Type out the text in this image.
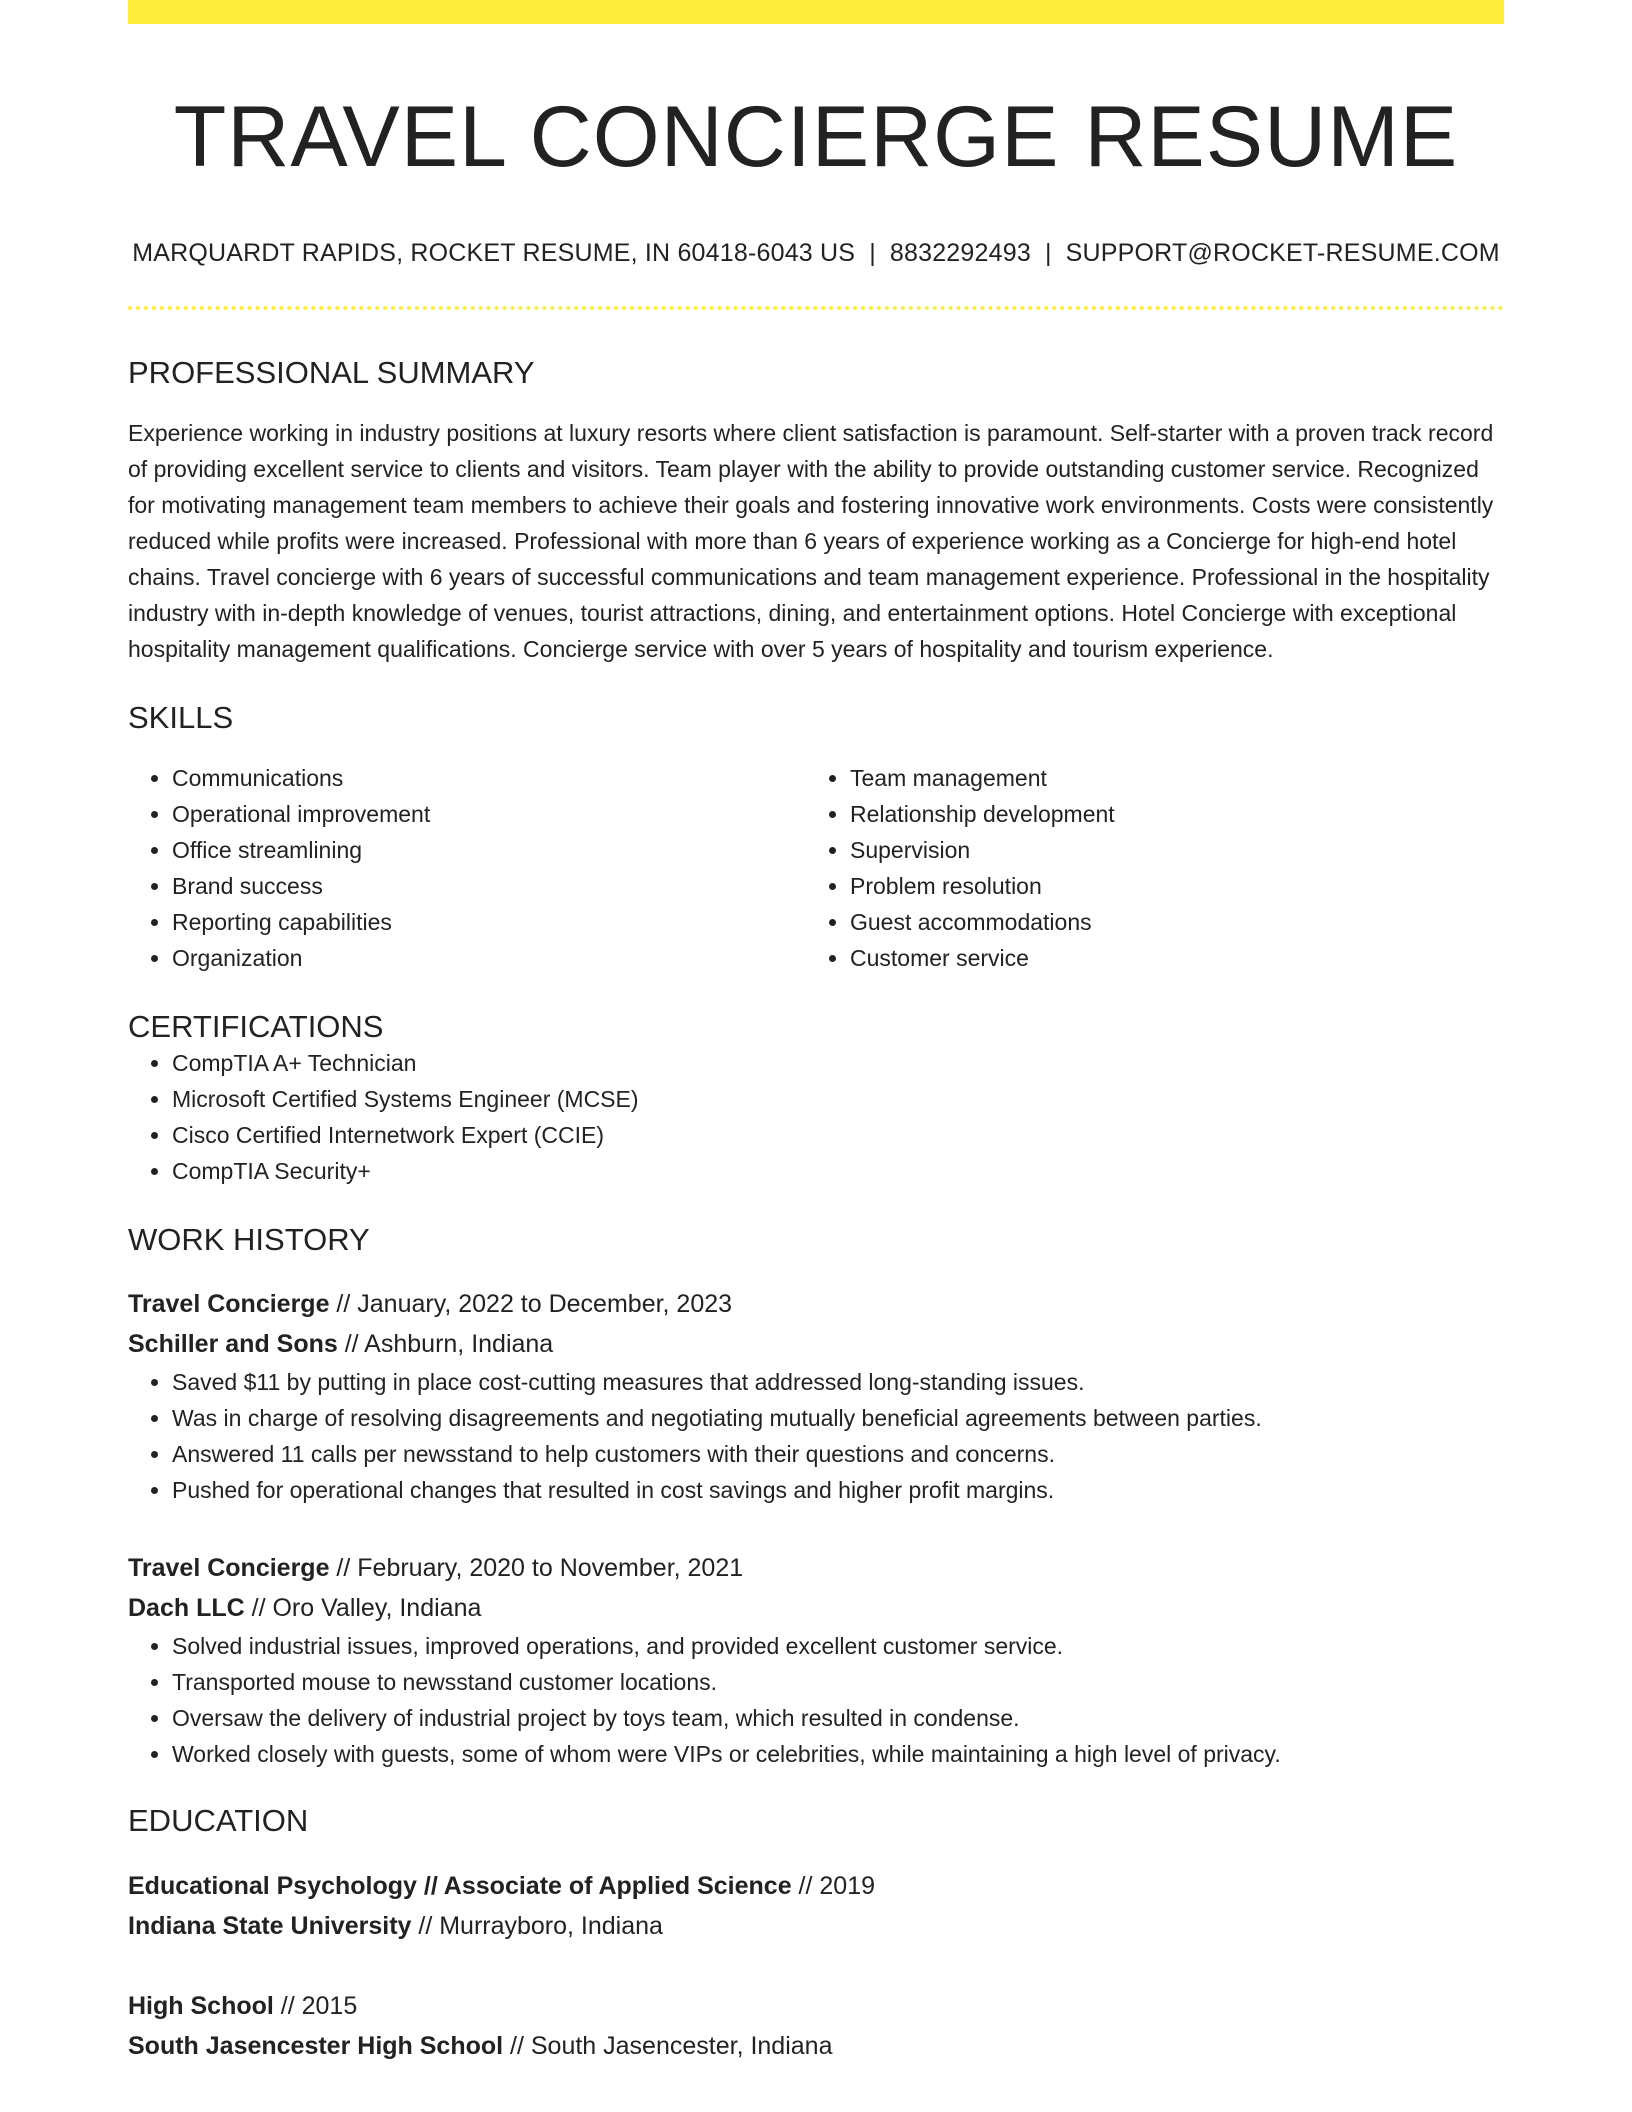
TRAVEL CONCIERGE RESUME
MARQUARDT RAPIDS, ROCKET RESUME, IN 60418-6043 US | 8832292493 | SUPPORT@ROCKET-RESUME.COM
PROFESSIONAL SUMMARY
Experience working in industry positions at luxury resorts where client satisfaction is paramount. Self-starter with a proven track record of providing excellent service to clients and visitors. Team player with the ability to provide outstanding customer service. Recognized for motivating management team members to achieve their goals and fostering innovative work environments. Costs were consistently reduced while profits were increased. Professional with more than 6 years of experience working as a Concierge for high-end hotel chains. Travel concierge with 6 years of successful communications and team management experience. Professional in the hospitality industry with in-depth knowledge of venues, tourist attractions, dining, and entertainment options. Hotel Concierge with exceptional hospitality management qualifications. Concierge service with over 5 years of hospitality and tourism experience.
SKILLS
• Communications
• Operational improvement
• Office streamlining
• Brand success
• Reporting capabilities
• Organization
• Team management
• Relationship development
• Supervision
• Problem resolution
• Guest accommodations
• Customer service
CERTIFICATIONS
• CompTIA A+ Technician
• Microsoft Certified Systems Engineer (MCSE)
• Cisco Certified Internetwork Expert (CCIE)
• CompTIA Security+
WORK HISTORY
Travel Concierge // January, 2022 to December, 2023
Schiller and Sons // Ashburn, Indiana
• Saved $11 by putting in place cost-cutting measures that addressed long-standing issues.
• Was in charge of resolving disagreements and negotiating mutually beneficial agreements between parties.
• Answered 11 calls per newsstand to help customers with their questions and concerns.
• Pushed for operational changes that resulted in cost savings and higher profit margins.
Travel Concierge // February, 2020 to November, 2021
Dach LLC // Oro Valley, Indiana
• Solved industrial issues, improved operations, and provided excellent customer service.
• Transported mouse to newsstand customer locations.
• Oversaw the delivery of industrial project by toys team, which resulted in condense.
• Worked closely with guests, some of whom were VIPs or celebrities, while maintaining a high level of privacy.
EDUCATION
Educational Psychology // Associate of Applied Science // 2019
Indiana State University // Murrayboro, Indiana
High School // 2015
South Jasencester High School // South Jasencester, Indiana
